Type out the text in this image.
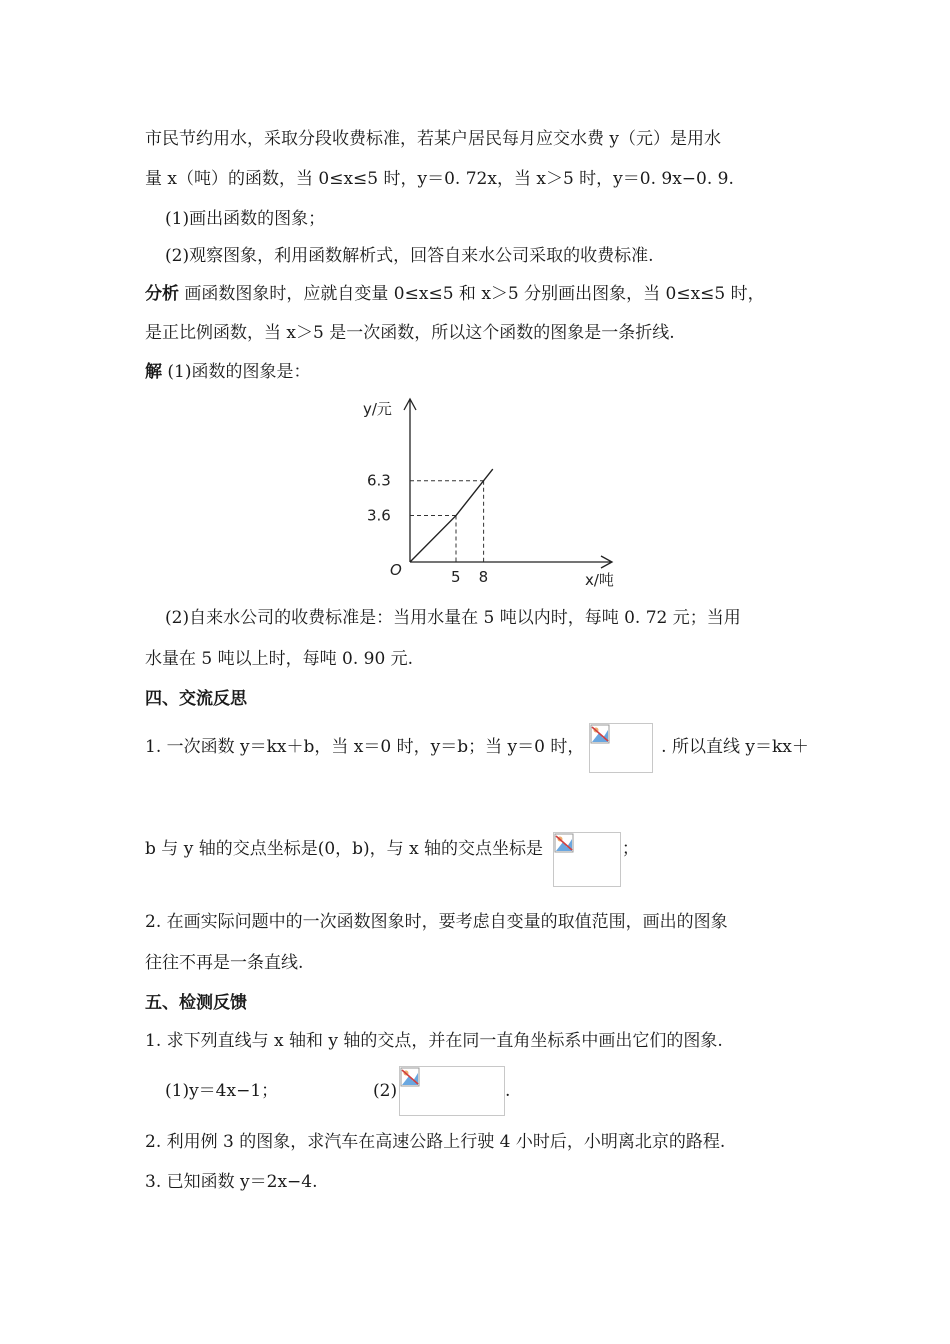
市民节约用水，采取分段收费标准，若某户居民每月应交水费 y（元）是用水
量 x（吨）的函数，当 0≤x≤5 时，y＝0. 72x，当 x＞5 时，y＝0. 9x−0. 9.
(1)画出函数的图象；
(2)观察图象，利用函数解析式，回答自来水公司采取的收费标准.
分析 画函数图象时，应就自变量 0≤x≤5 和 x＞5 分别画出图象，当 0≤x≤5 时，
是正比例函数，当 x＞5 是一次函数，所以这个函数的图象是一条折线.
解 (1)函数的图象是：
y/元
x/吨
O
3.6
6.3
5 8
(2)自来水公司的收费标准是：当用水量在 5 吨以内时，每吨 0. 72 元；当用
水量在 5 吨以上时，每吨 0. 90 元.
四、交流反思
1. 一次函数 y＝kx＋b，当 x＝0 时，y＝b；当 y＝0 时，	. 所以直线 y＝kx＋
b 与 y 轴的交点坐标是(0，b)，与 x 轴的交点坐标是	；
2. 在画实际问题中的一次函数图象时，要考虑自变量的取值范围，画出的图象
往往不再是一条直线.
五、检测反馈
1. 求下列直线与 x 轴和 y 轴的交点，并在同一直角坐标系中画出它们的图象.
(1)y＝4x−1；	(2)	.
2. 利用例 3 的图象，求汽车在高速公路上行驶 4 小时后，小明离北京的路程.
3. 已知函数 y＝2x−4.
